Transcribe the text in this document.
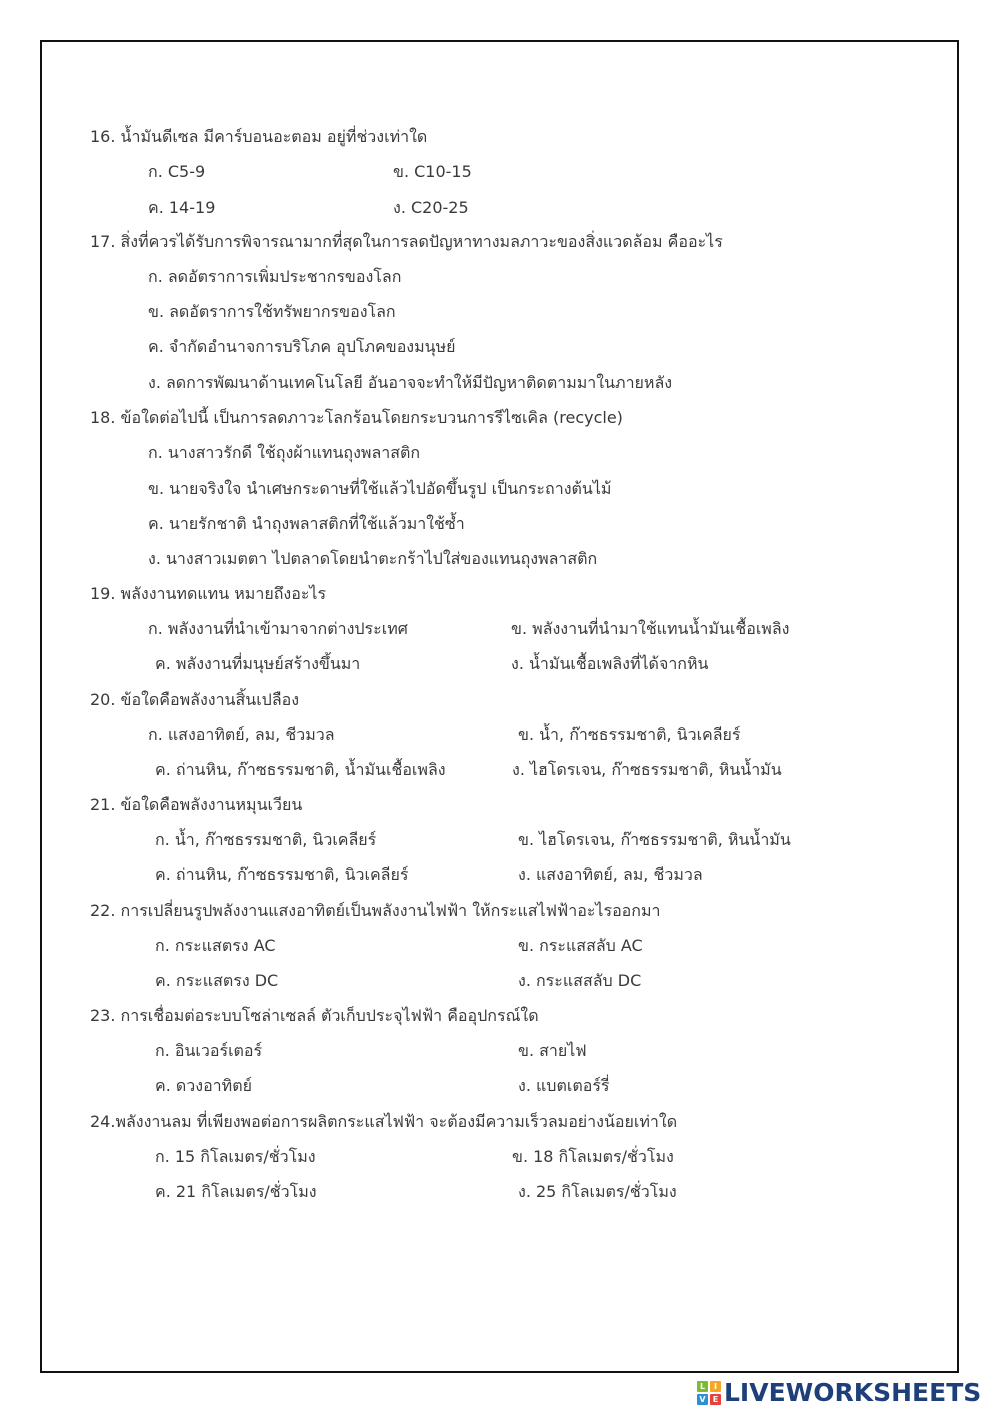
16. น้ำมันดีเซล มีคาร์บอนอะตอม อยู่ที่ช่วงเท่าใด
ก. C5-9	ข. C10-15
ค. 14-19	ง. C20-25
17. สิ่งที่ควรได้รับการพิจารณามากที่สุดในการลดปัญหาทางมลภาวะของสิ่งแวดล้อม คืออะไร
ก. ลดอัตราการเพิ่มประชากรของโลก
ข. ลดอัตราการใช้ทรัพยากรของโลก
ค. จำกัดอำนาจการบริโภค อุปโภคของมนุษย์
ง. ลดการพัฒนาด้านเทคโนโลยี อันอาจจะทำให้มีปัญหาติดตามมาในภายหลัง
18. ข้อใดต่อไปนี้ เป็นการลดภาวะโลกร้อนโดยกระบวนการรีไซเคิล (recycle)
ก. นางสาวรักดี ใช้ถุงผ้าแทนถุงพลาสติก
ข. นายจริงใจ นำเศษกระดาษที่ใช้แล้วไปอัดขึ้นรูป เป็นกระถางต้นไม้
ค. นายรักชาติ นำถุงพลาสติกที่ใช้แล้วมาใช้ซ้ำ
ง. นางสาวเมตตา ไปตลาดโดยนำตะกร้าไปใส่ของแทนถุงพลาสติก
19. พลังงานทดแทน หมายถึงอะไร
ก. พลังงานที่นำเข้ามาจากต่างประเทศ	ข. พลังงานที่นำมาใช้แทนน้ำมันเชื้อเพลิง
ค. พลังงานที่มนุษย์สร้างขึ้นมา	ง. น้ำมันเชื้อเพลิงที่ได้จากหิน
20. ข้อใดคือพลังงานสิ้นเปลือง
ก. แสงอาทิตย์, ลม, ชีวมวล	ข. น้ำ, ก๊าซธรรมชาติ, นิวเคลียร์
ค. ถ่านหิน, ก๊าซธรรมชาติ, น้ำมันเชื้อเพลิง	ง. ไฮโดรเจน, ก๊าซธรรมชาติ, หินน้ำมัน
21. ข้อใดคือพลังงานหมุนเวียน
ก. น้ำ, ก๊าซธรรมชาติ, นิวเคลียร์	ข. ไฮโดรเจน, ก๊าซธรรมชาติ, หินน้ำมัน
ค. ถ่านหิน, ก๊าซธรรมชาติ, นิวเคลียร์	ง. แสงอาทิตย์, ลม, ชีวมวล
22. การเปลี่ยนรูปพลังงานแสงอาทิตย์เป็นพลังงานไฟฟ้า ให้กระแสไฟฟ้าอะไรออกมา
ก. กระแสตรง AC	ข. กระแสสลับ AC
ค. กระแสตรง DC	ง. กระแสสลับ DC
23. การเชื่อมต่อระบบโซล่าเซลล์ ตัวเก็บประจุไฟฟ้า คืออุปกรณ์ใด
ก. อินเวอร์เตอร์	ข. สายไฟ
ค. ดวงอาทิตย์	ง. แบตเตอร์รี่
24.พลังงานลม ที่เพียงพอต่อการผลิตกระแสไฟฟ้า จะต้องมีความเร็วลมอย่างน้อยเท่าใด
ก. 15 กิโลเมตร/ชั่วโมง	ข. 18 กิโลเมตร/ชั่วโมง
ค. 21 กิโลเมตร/ชั่วโมง	ง. 25 กิโลเมตร/ชั่วโมง
L	I
V E LIVEWORKSHEETS
